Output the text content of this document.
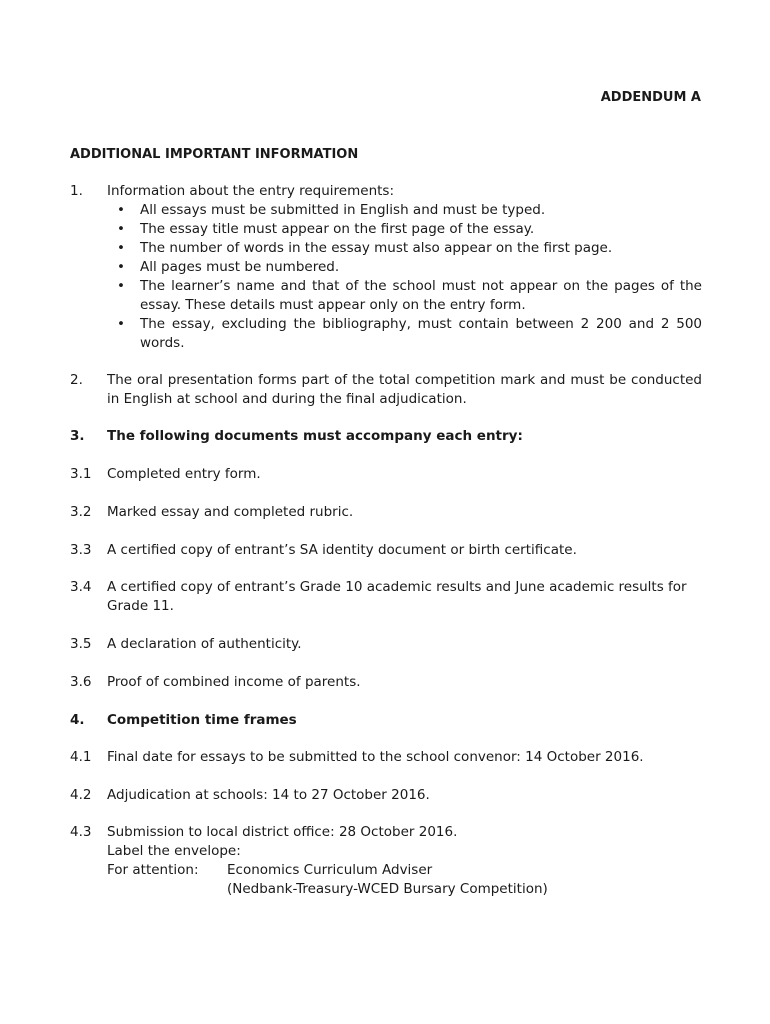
ADDENDUM A
ADDITIONAL IMPORTANT INFORMATION
1.	Information about the entry requirements:
• All essays must be submitted in English and must be typed.
• The essay title must appear on the first page of the essay.
• The number of words in the essay must also appear on the first page.
• All pages must be numbered.
• The learner’s name and that of the school must not appear on the pages of the essay. These details must appear only on the entry form.
• The essay, excluding the bibliography, must contain between 2 200 and 2 500 words.
2.	The oral presentation forms part of the total competition mark and must be conducted in English at school and during the final adjudication.
3.	The following documents must accompany each entry:
3.1	Completed entry form.
3.2	Marked essay and completed rubric.
3.3	A certified copy of entrant’s SA identity document or birth certificate.
3.4	A certified copy of entrant’s Grade 10 academic results and June academic results for Grade 11.
3.5	A declaration of authenticity.
3.6	Proof of combined income of parents.
4.	Competition time frames
4.1	Final date for essays to be submitted to the school convenor: 14 October 2016.
4.2	Adjudication at schools: 14 to 27 October 2016.
4.3	Submission to local district office: 28 October 2016.
Label the envelope:
For attention:	Economics Curriculum Adviser
(Nedbank-Treasury-WCED Bursary Competition)
